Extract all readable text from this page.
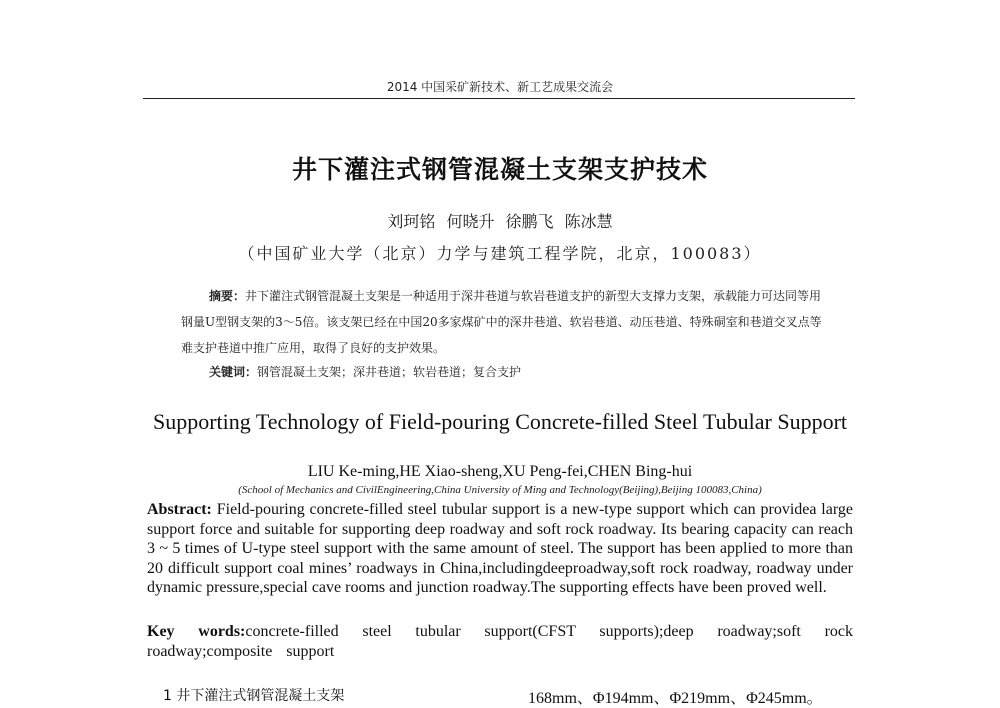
2014 中国采矿新技术、新工艺成果交流会
井下灌注式钢管混凝土支架支护技术
刘珂铭 何晓升 徐鹏飞 陈冰慧
（中国矿业大学（北京）力学与建筑工程学院，北京，100083）
摘要：井下灌注式钢管混凝土支架是一种适用于深井巷道与软岩巷道支护的新型大支撑力支架，承载能力可达同等用钢量U型钢支架的3～5倍。该支架已经在中国20多家煤矿中的深井巷道、软岩巷道、动压巷道、特殊硐室和巷道交叉点等难支护巷道中推广应用，取得了良好的支护效果。
关键词：钢管混凝土支架；深井巷道；软岩巷道；复合支护
Supporting Technology of Field-pouring Concrete-filled Steel Tubular Support
LIU Ke-ming,HE Xiao-sheng,XU Peng-fei,CHEN Bing-hui
(School of Mechanics and CivilEngineering,China University of Ming and Technology(Beijing),Beijing 100083,China)
Abstract: Field-pouring concrete-filled steel tubular support is a new-type support which can providea large support force and suitable for supporting deep roadway and soft rock roadway. Its bearing capacity can reach 3 ~ 5 times of U-type steel support with the same amount of steel. The support has been applied to more than 20 difficult support coal mines’ roadways in China,includingdeeproadway,soft rock roadway, roadway under dynamic pressure,special cave rooms and junction roadway.The supporting effects have been proved well.
Key words:concrete-filled steel tubular support(CFST supports);deep roadway;soft rock roadway;composite support
1 井下灌注式钢管混凝土支架	168mm、Φ194mm、Φ219mm、Φ245mm。
